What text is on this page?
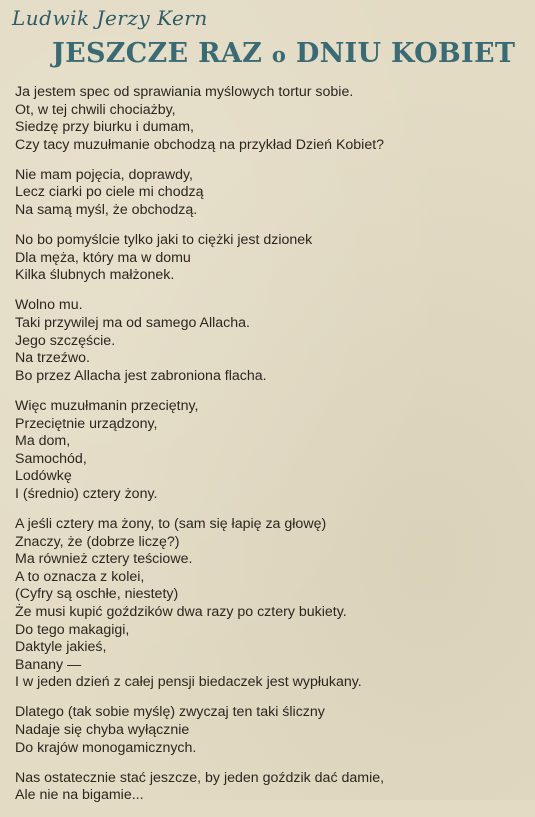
Ludwik Jerzy Kern
JESZCZE RAZ o DNIU KOBIET
Ja jestem spec od sprawiania myślowych tortur sobie.
Ot, w tej chwili chociażby,
Siedzę przy biurku i dumam,
Czy tacy muzułmanie obchodzą na przykład Dzień Kobiet?
Nie mam pojęcia, doprawdy,
Lecz ciarki po ciele mi chodzą
Na samą myśl, że obchodzą.
No bo pomyślcie tylko jaki to ciężki jest dzionek
Dla męża, który ma w domu
Kilka ślubnych małżonek.
Wolno mu.
Taki przywilej ma od samego Allacha.
Jego szczęście.
Na trzeźwo.
Bo przez Allacha jest zabroniona flacha.
Więc muzułmanin przeciętny,
Przeciętnie urządzony,
Ma dom,
Samochód,
Lodówkę
I (średnio) cztery żony.
A jeśli cztery ma żony, to (sam się łapię za głowę)
Znaczy, że (dobrze liczę?)
Ma również cztery teściowe.
A to oznacza z kolei,
(Cyfry są oschłe, niestety)
Że musi kupić goździków dwa razy po cztery bukiety.
Do tego makagigi,
Daktyle jakieś,
Banany —
I w jeden dzień z całej pensji biedaczek jest wypłukany.
Dlatego (tak sobie myślę) zwyczaj ten taki śliczny
Nadaje się chyba wyłącznie
Do krajów monogamicznych.
Nas ostatecznie stać jeszcze, by jeden goździk dać damie,
Ale nie na bigamie...
